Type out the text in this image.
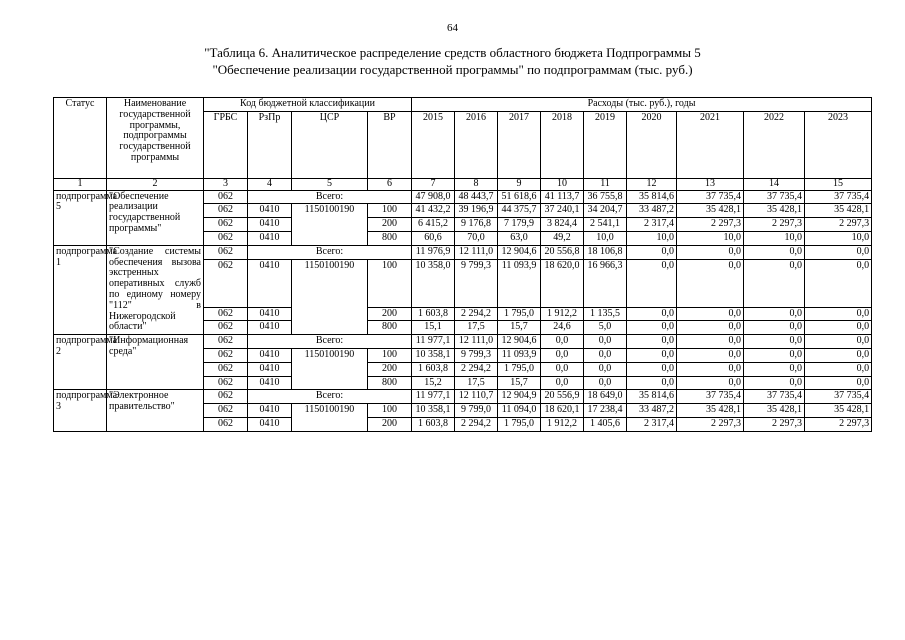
64
"Таблица 6. Аналитическое распределение средств областного бюджета Подпрограммы 5
"Обеспечение реализации государственной программы" по подпрограммам (тыс. руб.)
Статус	Наименование государственной программы, подпрограммы государственной программы	Код бюджетной классификации				Расходы (тыс. руб.), годы								
		ГРБС	РзПр	ЦСР	ВР	2015	2016	2017	2018	2019	2020	2021	2022	2023
1	2	3	4	5	6	7	8	9	10	11	12	13	14	15
подпрограмма 5	"Обеспечение реализации государственной программы"	062	Всего:			47 908,0	48 443,7	51 618,6	41 113,7	36 755,8	35 814,6	37 735,4	37 735,4	37 735,4
		062	0410	1150100190	100	41 432,2	39 196,9	44 375,7	37 240,1	34 204,7	33 487,2	35 428,1	35 428,1	35 428,1
		062	0410		200	6 415,2	9 176,8	7 179,9	3 824,4	2 541,1	2 317,4	2 297,3	2 297,3	2 297,3
		062	0410		800	60,6	70,0	63,0	49,2	10,0	10,0	10,0	10,0	10,0
подпрограмма 1	"Создание системы обеспечения вызова экстренных оперативных служб по единому номеру "112" в Нижегородской области"	062	Всего:			11 976,9	12 111,0	12 904,6	20 556,8	18 106,8	0,0	0,0	0,0	0,0
		062	0410	1150100190	100	10 358,0	9 799,3	11 093,9	18 620,0	16 966,3	0,0	0,0	0,0	0,0
		062	0410		200	1 603,8	2 294,2	1 795,0	1 912,2	1 135,5	0,0	0,0	0,0	0,0
		062	0410		800	15,1	17,5	15,7	24,6	5,0	0,0	0,0	0,0	0,0
подпрограмма 2	"Информационная среда"	062	Всего:			11 977,1	12 111,0	12 904,6	0,0	0,0	0,0	0,0	0,0	0,0
		062	0410	1150100190	100	10 358,1	9 799,3	11 093,9	0,0	0,0	0,0	0,0	0,0	0,0
		062	0410		200	1 603,8	2 294,2	1 795,0	0,0	0,0	0,0	0,0	0,0	0,0
		062	0410		800	15,2	17,5	15,7	0,0	0,0	0,0	0,0	0,0	0,0
подпрограмма 3	"Электронное правительство"	062	Всего:			11 977,1	12 110,7	12 904,9	20 556,9	18 649,0	35 814,6	37 735,4	37 735,4	37 735,4
		062	0410	1150100190	100	10 358,1	9 799,0	11 094,0	18 620,1	17 238,4	33 487,2	35 428,1	35 428,1	35 428,1
		062	0410		200	1 603,8	2 294,2	1 795,0	1 912,2	1 405,6	2 317,4	2 297,3	2 297,3	2 297,3
